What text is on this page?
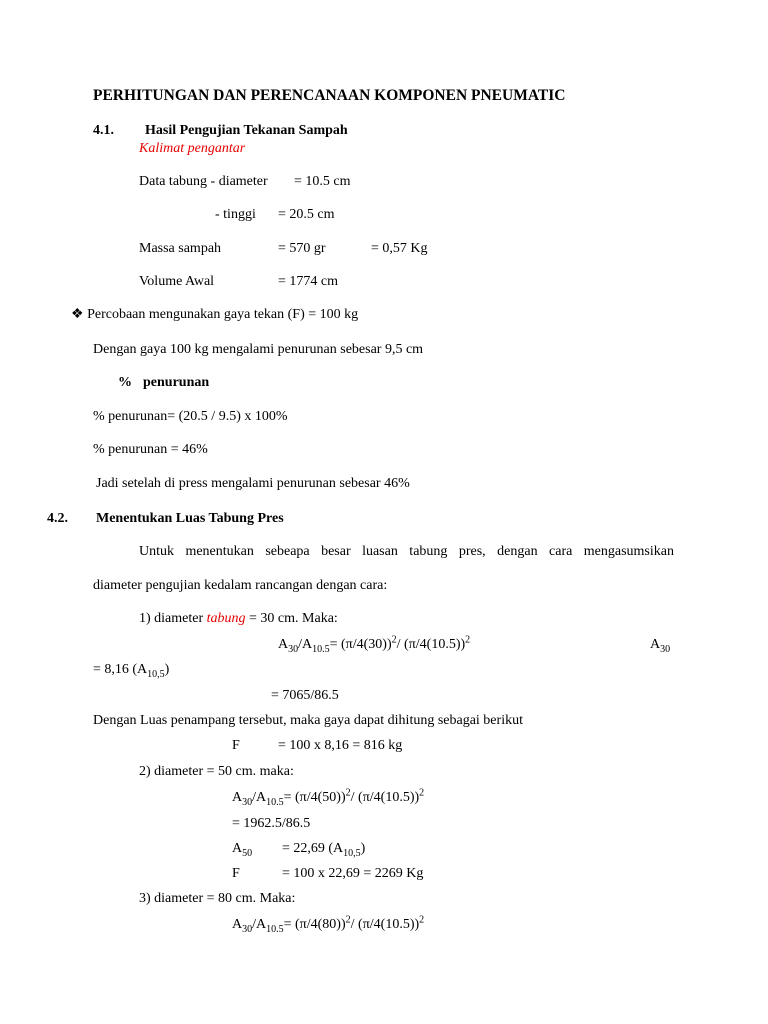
PERHITUNGAN DAN PERENCANAAN KOMPONEN PNEUMATIC
4.1. Hasil Pengujian Tekanan Sampah
Kalimat pengantar
Data tabung - diameter = 10.5 cm
- tinggi = 20.5 cm
Massa sampah	= 570 gr	= 0,57 Kg
Volume Awal	= 1774 cm
❖ Percobaan mengunakan gaya tekan (F) = 100 kg
Dengan gaya 100 kg mengalami penurunan sebesar 9,5 cm
% penurunan
% penurunan= (20.5 / 9.5) x 100%
% penurunan = 46%
Jadi setelah di press mengalami penurunan sebesar 46%
4.2. Menentukan Luas Tabung Pres
Untuk menentukan sebeapa besar luasan tabung pres, dengan cara mengasumsikan
diameter pengujian kedalam rancangan dengan cara:
1) diameter tabung = 30 cm. Maka:
$A_{30}/A_{10.5}= (\pi/4(30))^2/$ $(\pi/4(10.5))^2$	$A_{30}$
= 8,16 $(A_{10,5})$
= 7065/86.5
Dengan Luas penampang tersebut, maka gaya dapat dihitung sebagai berikut
F	= 100 x 8,16 = 816 kg
2) diameter = 50 cm. maka:
$A_{30}/A_{10.5}= (\pi/4(50))^2/$ $(\pi/4(10.5))^2$
= 1962.5/86.5
$A_{50} = 22,69$ $(A_{10,5})$
F	= 100 x 22,69 = 2269 Kg
3) diameter = 80 cm. Maka:
$A_{30}/A_{10.5}= (\pi/4(80))^2/$ $(\pi/4(10.5))^2$
